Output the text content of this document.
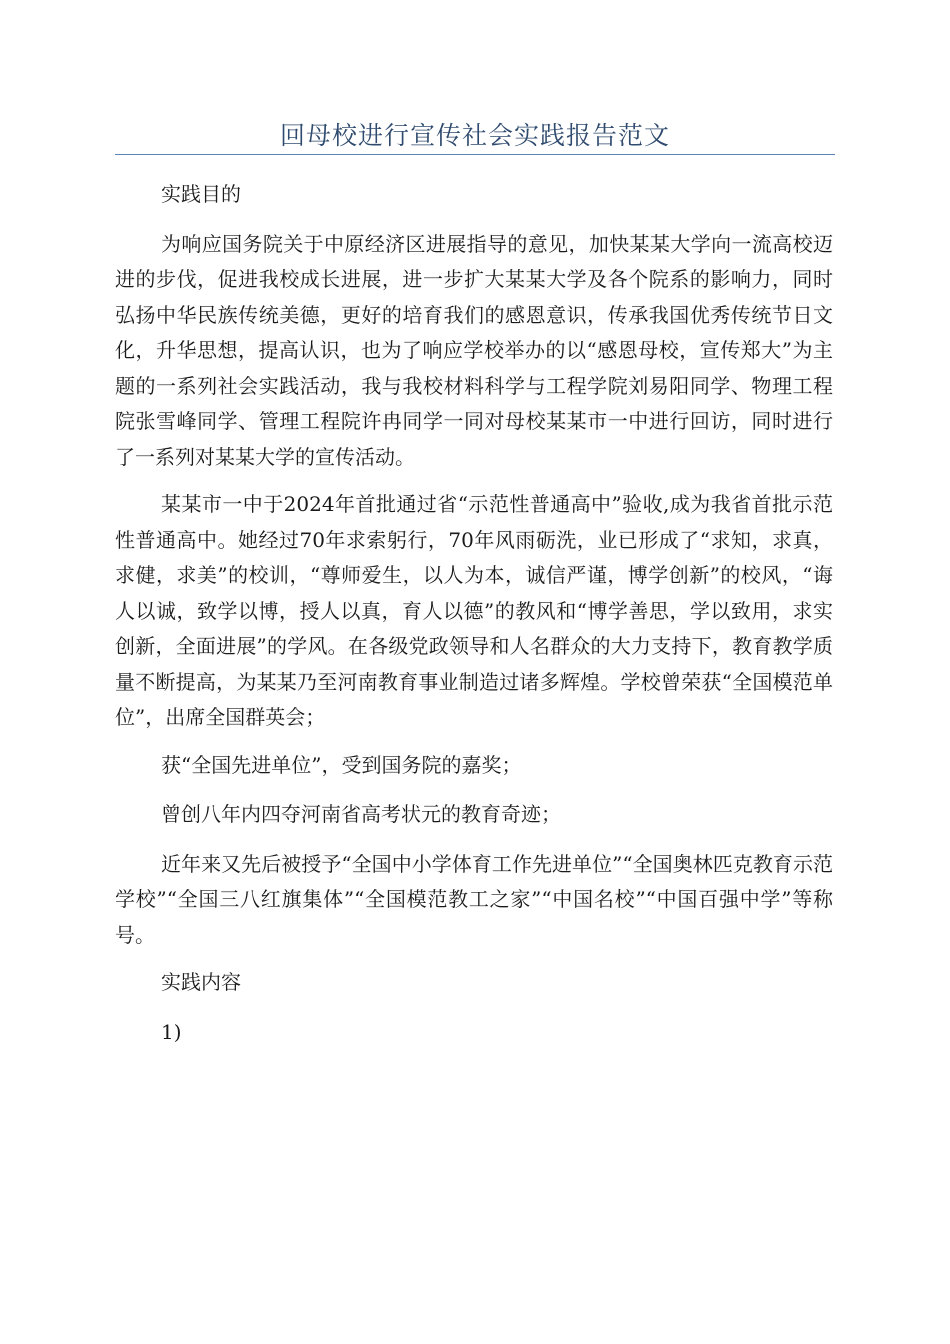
回母校进行宣传社会实践报告范文

实践目的

为响应国务院关于中原经济区进展指导的意见，加快某某大学向一流高校迈进的步伐，促进我校成长进展，进一步扩大某某大学及各个院系的影响力，同时弘扬中华民族传统美德，更好的培育我们的感恩意识，传承我国优秀传统节日文化，升华思想，提高认识，也为了响应学校举办的以“感恩母校，宣传郑大”为主题的一系列社会实践活动，我与我校材料科学与工程学院刘易阳同学、物理工程院张雪峰同学、管理工程院许冉同学一同对母校某某市一中进行回访，同时进行了一系列对某某大学的宣传活动。

某某市一中于2024年首批通过省“示范性普通高中”验收,成为我省首批示范性普通高中。她经过70年求索躬行，70年风雨砺洗，业已形成了“求知，求真，求健，求美”的校训，“尊师爱生，以人为本，诚信严谨，博学创新”的校风，“诲人以诚，致学以博，授人以真，育人以德”的教风和“博学善思，学以致用，求实创新，全面进展”的学风。在各级党政领导和人名群众的大力支持下，教育教学质量不断提高，为某某乃至河南教育事业制造过诸多辉煌。学校曾荣获“全国模范单位”，出席全国群英会；

获“全国先进单位”，受到国务院的嘉奖；

曾创八年内四夺河南省高考状元的教育奇迹；

近年来又先后被授予“全国中小学体育工作先进单位”“全国奥林匹克教育示范学校”“全国三八红旗集体”“全国模范教工之家”“中国名校”“中国百强中学”等称号。

实践内容

1)
